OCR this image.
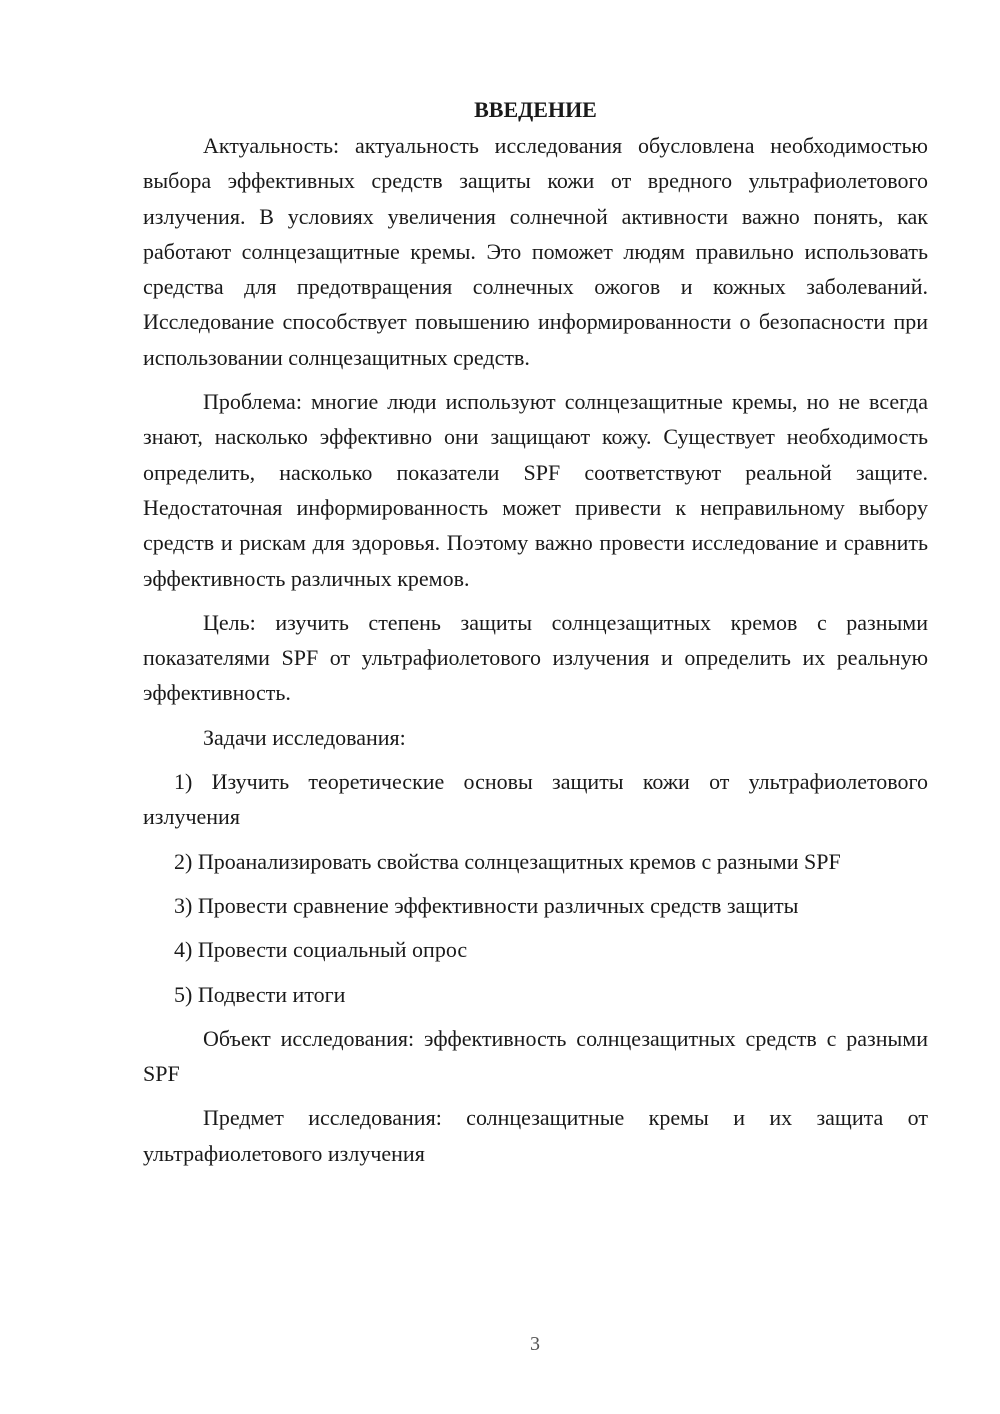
ВВЕДЕНИЕ

Актуальность: актуальность исследования обусловлена необходимостью выбора эффективных средств защиты кожи от вредного ультрафиолетового излучения. В условиях увеличения солнечной активности важно понять, как работают солнцезащитные кремы. Это поможет людям правильно использовать средства для предотвращения солнечных ожогов и кожных заболеваний. Исследование способствует повышению информированности о безопасности при использовании солнцезащитных средств.

Проблема: многие люди используют солнцезащитные кремы, но не всегда знают, насколько эффективно они защищают кожу. Существует необходимость определить, насколько показатели SPF соответствуют реальной защите. Недостаточная информированность может привести к неправильному выбору средств и рискам для здоровья. Поэтому важно провести исследование и сравнить эффективность различных кремов.

Цель: изучить степень защиты солнцезащитных кремов с разными показателями SPF от ультрафиолетового излучения и определить их реальную эффективность.

Задачи исследования:

1) Изучить теоретические основы защиты кожи от ультрафиолетового излучения

2) Проанализировать свойства солнцезащитных кремов с разными SPF

3) Провести сравнение эффективности различных средств защиты

4) Провести социальный опрос

5) Подвести итоги

Объект исследования: эффективность солнцезащитных средств с разными SPF

Предмет исследования: солнцезащитные кремы и их защита от ультрафиолетового излучения

3
